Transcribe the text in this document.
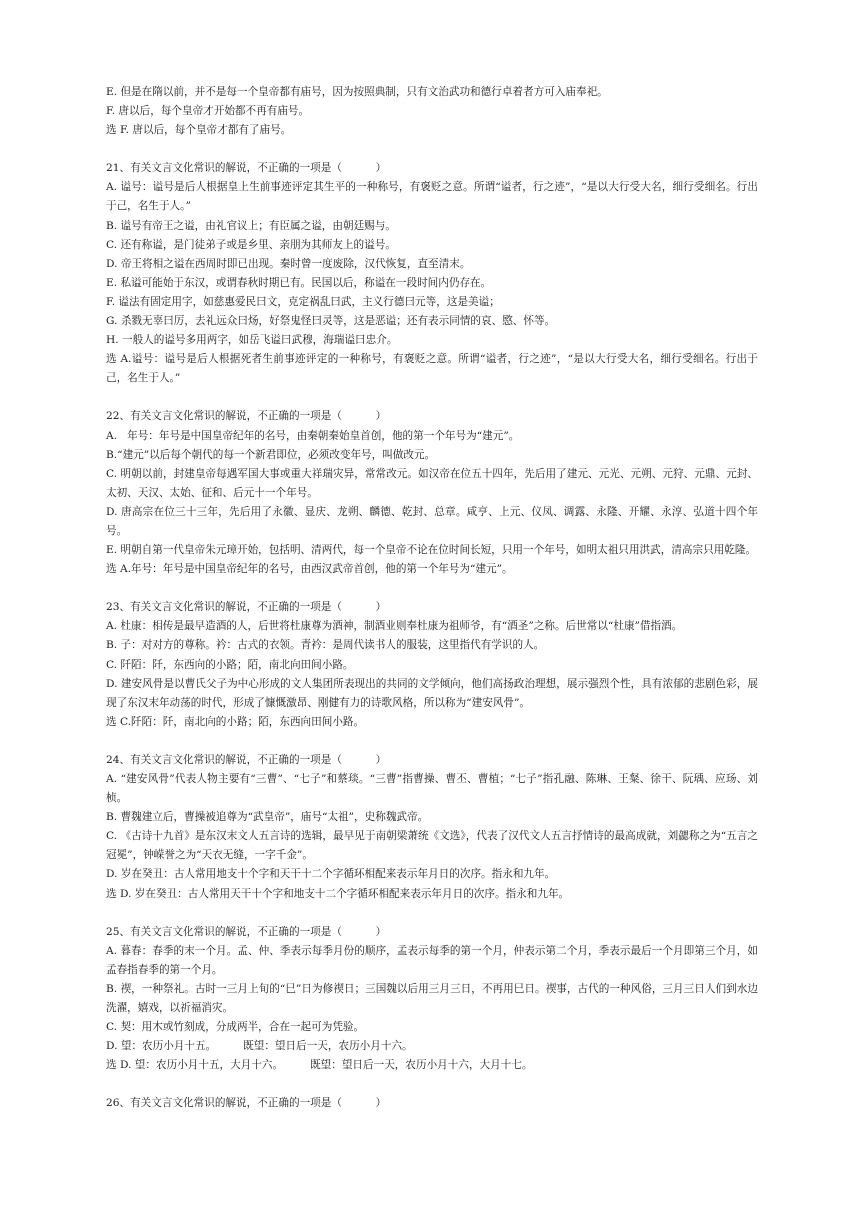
E. 但是在隋以前，并不是每一个皇帝都有庙号，因为按照典制，只有文治武功和德行卓着者方可入庙奉祀。
F. 唐以后，每个皇帝才开始都不再有庙号。
选 F. 唐以后，每个皇帝才都有了庙号。
21、有关文言文化常识的解说，不正确的一项是（          ）
A. 谥号：谥号是后人根据皇上生前事迹评定其生平的一种称号，有褒贬之意。所谓“谥者，行之迹”，“是以大行受大名，细行受细名。行出于己，名生于人。”
B. 谥号有帝王之谥，由礼官议上；有臣属之谥，由朝廷赐与。
C. 还有称谥，是门徒弟子或是乡里、亲朋为其师友上的谥号。
D. 帝王将相之谥在西周时即已出现。秦时曾一度废除，汉代恢复，直至清末。
E. 私谥可能始于东汉，或谓春秋时期已有。民国以后，称谥在一段时间内仍存在。
F. 谥法有固定用字，如慈惠爱民曰文，克定祸乱曰武，主义行德曰元等，这是美谥；
G. 杀戮无辜曰厉，去礼远众曰炀，好祭鬼怪曰灵等，这是恶谥；还有表示同情的哀、愍、怀等。
H. 一般人的谥号多用两字，如岳飞谥曰武穆，海瑞谥曰忠介。
选 A.谥号：谥号是后人根据死者生前事迹评定的一种称号，有褒贬之意。所谓“谥者，行之迹”，“是以大行受大名，细行受细名。行出于己，名生于人。”
22、有关文言文化常识的解说，不正确的一项是（          ）
A.   年号：年号是中国皇帝纪年的名号，由秦朝秦始皇首创，他的第一个年号为“建元”。
B.“建元”以后每个朝代的每一个新君即位，必须改变年号，叫做改元。
C. 明朝以前，封建皇帝每遇军国大事或重大祥瑞灾异，常常改元。如汉帝在位五十四年，先后用了建元、元光、元朔、元狩、元鼎、元封、太初、天汉、太始、征和、后元十一个年号。
D. 唐高宗在位三十三年，先后用了永徽、显庆、龙朔、麟德、乾封、总章。咸亨、上元、仪凤、调露、永隆、开耀、永淳、弘道十四个年号。
E. 明朝自第一代皇帝朱元璋开始，包括明、清两代，每一个皇帝不论在位时间长短，只用一个年号，如明太祖只用洪武，清高宗只用乾隆。
选 A.年号：年号是中国皇帝纪年的名号，由西汉武帝首创，他的第一个年号为“建元”。
23、有关文言文化常识的解说，不正确的一项是（          ）
A. 杜康：相传是最早造酒的人，后世将杜康尊为酒神，制酒业则奉杜康为祖师爷，有“酒圣”之称。后世常以“杜康”借指酒。
B. 子：对对方的尊称。衿：古式的衣领。青衿：是周代读书人的服装，这里指代有学识的人。
C. 阡陌：阡，东西向的小路；陌，南北向田间小路。
D. 建安风骨是以曹氏父子为中心形成的文人集团所表现出的共同的文学倾向，他们高扬政治理想，展示强烈个性，具有浓郁的悲剧色彩，展现了东汉末年动荡的时代，形成了慷慨激昂、刚健有力的诗歌风格，所以称为“建安风骨”。
选 C.阡陌：阡，南北向的小路；陌，东西向田间小路。
24、有关文言文化常识的解说，不正确的一项是（          ）
A. “建安风骨”代表人物主要有“三曹”、“七子”和蔡琰。“三曹”指曹操、曹丕、曹植；“七子”指孔融、陈琳、王粲、徐干、阮瑀、应玚、刘桢。
B. 曹魏建立后，曹操被追尊为“武皇帝”，庙号“太祖”，史称魏武帝。
C. 《古诗十九首》是东汉末文人五言诗的选辑，最早见于南朝梁萧统《文选》，代表了汉代文人五言抒情诗的最高成就，刘勰称之为“五言之冠冕”，钟嵘誉之为“天衣无缝，一字千金”。
D. 岁在癸丑：古人常用地支十个字和天干十二个字循环相配来表示年月日的次序。指永和九年。
选 D. 岁在癸丑：古人常用天干十个字和地支十二个字循环相配来表示年月日的次序。指永和九年。
25、有关文言文化常识的解说，不正确的一项是（          ）
A. 暮春：春季的末一个月。孟、仲、季表示每季月份的顺序，孟表示每季的第一个月，仲表示第二个月，季表示最后一个月即第三个月，如孟春指春季的第一个月。
B. 禊，一种祭礼。古时一三月上旬的“巳”日为修禊日；三国魏以后用三月三日，不再用巳日。禊事，古代的一种风俗，三月三日人们到水边洗濯，嬉戏，以祈福消灾。
C. 契：用木或竹刻成，分成两半，合在一起可为凭验。
D. 望：农历小月十五。        既望：望日后一天，农历小月十六。
选 D. 望：农历小月十五，大月十六。        既望：望日后一天，农历小月十六，大月十七。
26、有关文言文化常识的解说，不正确的一项是（          ）
